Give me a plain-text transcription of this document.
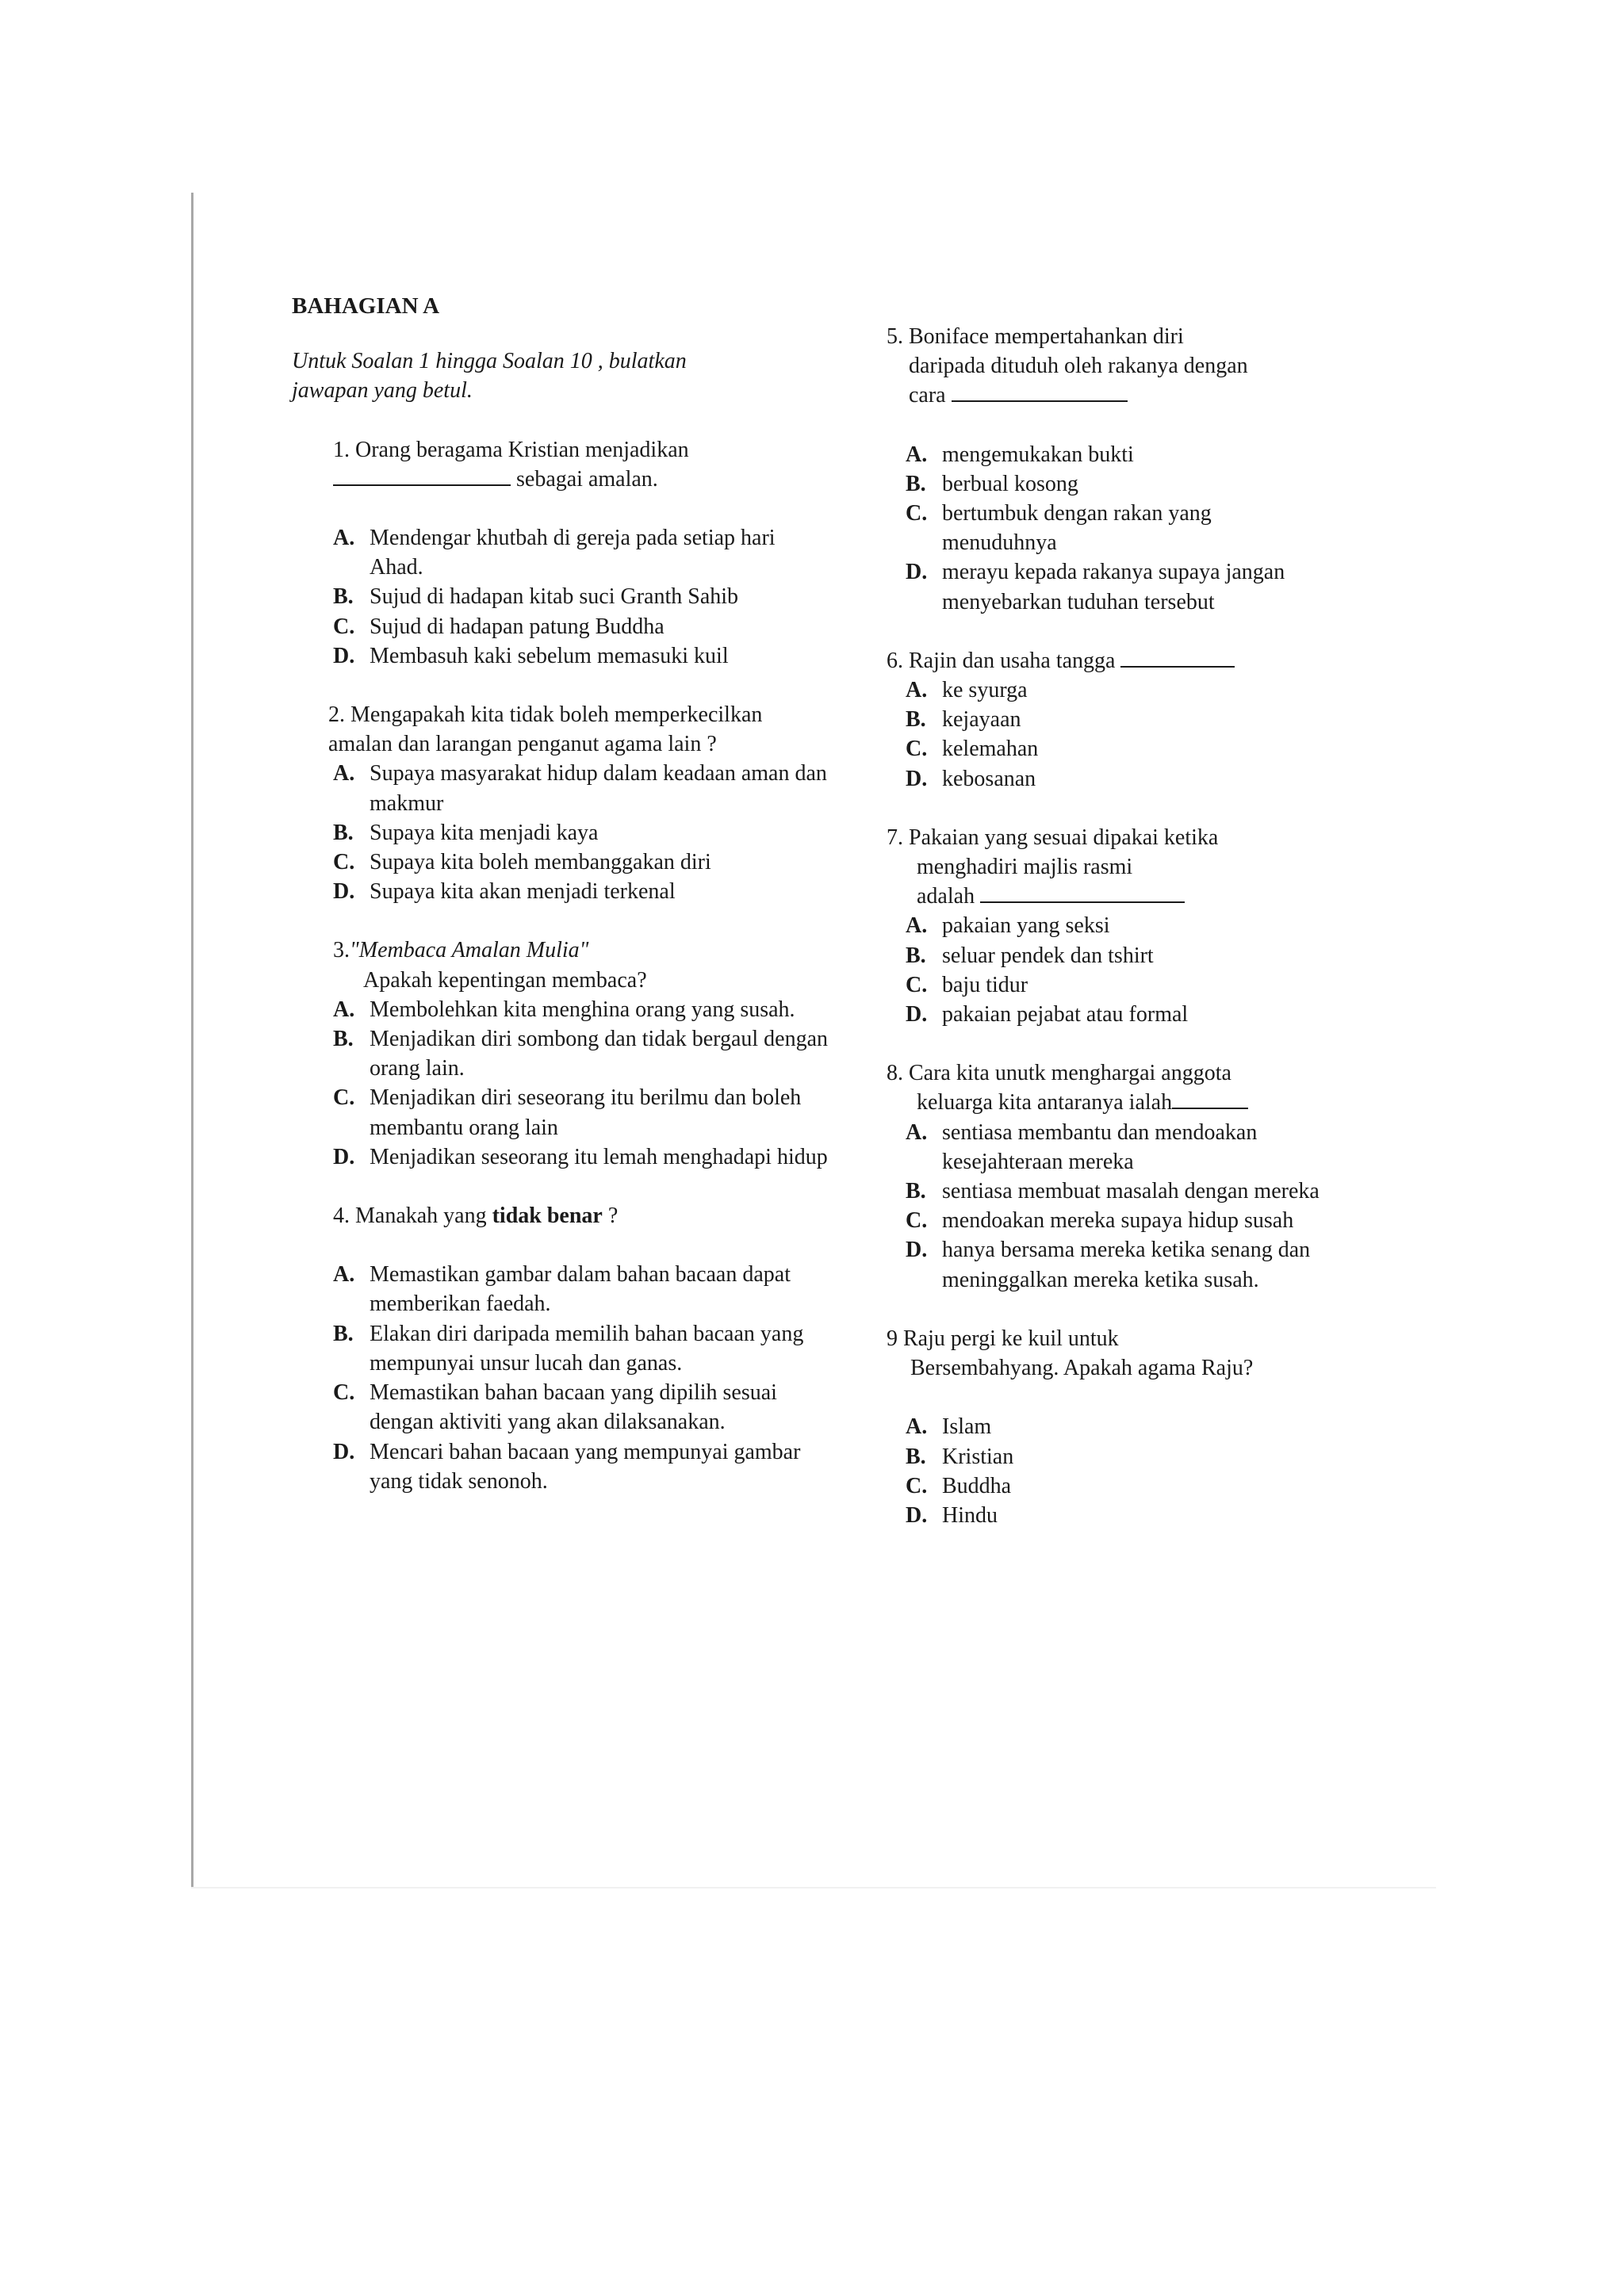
BAHAGIAN A
Untuk Soalan 1 hingga Soalan 10 , bulatkan
jawapan yang betul.
1. Orang beragama Kristian menjadikan
sebagai amalan.
A. Mendengar khutbah di gereja pada setiap hari Ahad.
B. Sujud di hadapan kitab suci Granth Sahib
C. Sujud di hadapan patung Buddha
D. Membasuh kaki sebelum memasuki kuil
2. Mengapakah kita tidak boleh memperkecilkan amalan dan larangan penganut agama lain ?
A. Supaya masyarakat hidup dalam keadaan aman dan makmur
B. Supaya kita menjadi kaya
C. Supaya kita boleh membanggakan diri
D. Supaya kita akan menjadi terkenal
3."Membaca Amalan Mulia"
Apakah kepentingan membaca?
A. Membolehkan kita menghina orang yang susah.
B. Menjadikan diri sombong dan tidak bergaul dengan orang lain.
C. Menjadikan diri seseorang itu berilmu dan boleh membantu orang lain
D. Menjadikan seseorang itu lemah menghadapi hidup
4. Manakah yang tidak benar ?
A. Memastikan gambar dalam bahan bacaan dapat memberikan faedah.
B. Elakan diri daripada memilih bahan bacaan yang mempunyai unsur lucah dan ganas.
C. Memastikan bahan bacaan yang dipilih sesuai dengan aktiviti yang akan dilaksanakan.
D. Mencari bahan bacaan yang mempunyai gambar yang tidak senonoh.
5. Boniface mempertahankan diri
daripada dituduh oleh rakanya dengan
cara
A. mengemukakan bukti
B. berbual kosong
C. bertumbuk dengan rakan yang menuduhnya
D. merayu kepada rakanya supaya jangan menyebarkan tuduhan tersebut
6. Rajin dan usaha tangga
A. ke syurga
B. kejayaan
C. kelemahan
D. kebosanan
7. Pakaian yang sesuai dipakai ketika
menghadiri majlis rasmi
adalah
A. pakaian yang seksi
B. seluar pendek dan tshirt
C. baju tidur
D. pakaian pejabat atau formal
8. Cara kita unutk menghargai anggota
keluarga kita antaranya ialah
A. sentiasa membantu dan mendoakan kesejahteraan mereka
B. sentiasa membuat masalah dengan mereka
C. mendoakan mereka supaya hidup susah
D. hanya bersama mereka ketika senang dan meninggalkan mereka ketika susah.
9 Raju pergi ke kuil untuk
Bersembahyang. Apakah agama Raju?
A. Islam
B. Kristian
C. Buddha
D. Hindu
